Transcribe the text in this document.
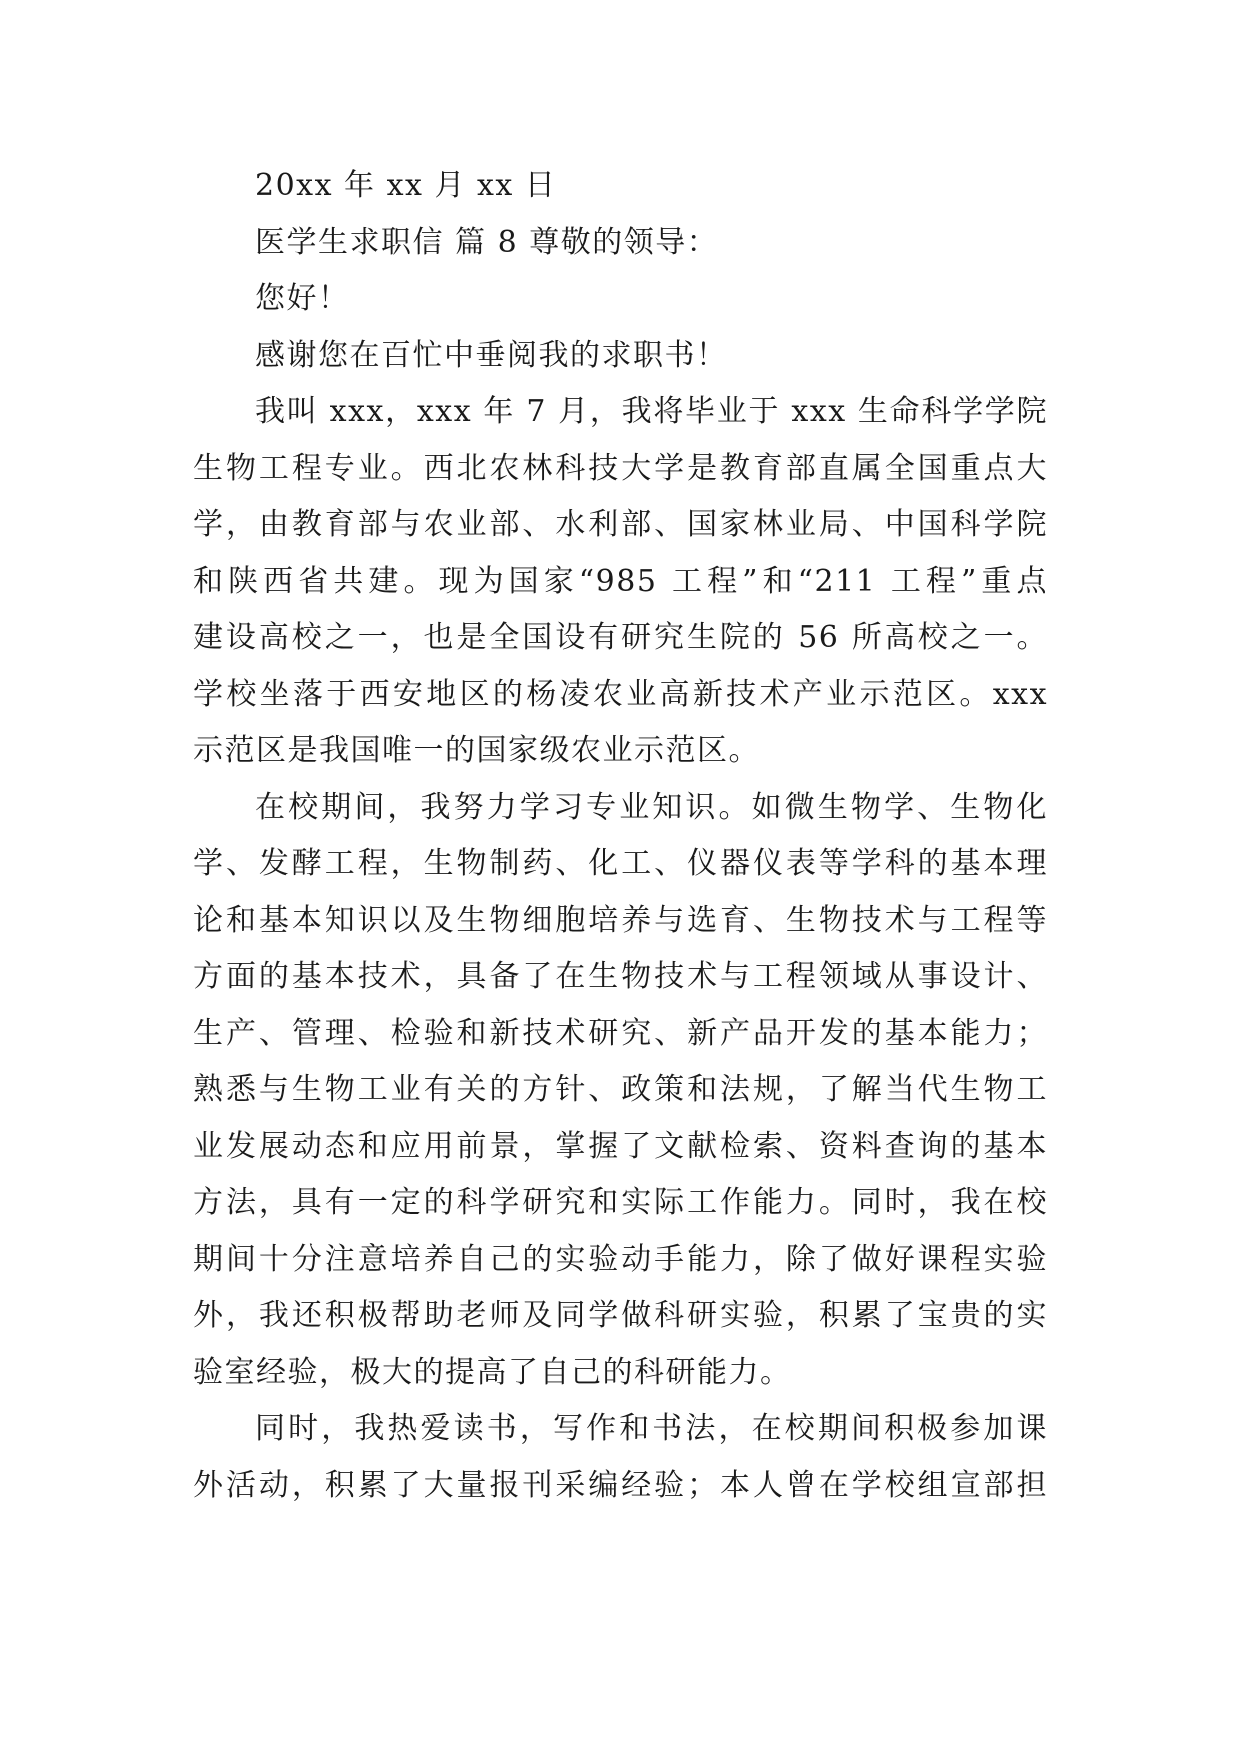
20xx 年 xx 月 xx 日
医学生求职信 篇 8 尊敬的领导：
您好！
感谢您在百忙中垂阅我的求职书！
我叫 xxx，xxx 年 7 月，我将毕业于 xxx 生命科学学院
生物工程专业。西北农林科技大学是教育部直属全国重点大
学，由教育部与农业部、水利部、国家林业局、中国科学院
和陕西省共建。现为国家“985 工程”和“211 工程”重点
建设高校之一，也是全国设有研究生院的 56 所高校之一。
学校坐落于西安地区的杨凌农业高新技术产业示范区。xxx
示范区是我国唯一的国家级农业示范区。
在校期间，我努力学习专业知识。如微生物学、生物化
学、发酵工程，生物制药、化工、仪器仪表等学科的基本理
论和基本知识以及生物细胞培养与选育、生物技术与工程等
方面的基本技术，具备了在生物技术与工程领域从事设计、
生产、管理、检验和新技术研究、新产品开发的基本能力；
熟悉与生物工业有关的方针、政策和法规，了解当代生物工
业发展动态和应用前景，掌握了文献检索、资料查询的基本
方法，具有一定的科学研究和实际工作能力。同时，我在校
期间十分注意培养自己的实验动手能力，除了做好课程实验
外，我还积极帮助老师及同学做科研实验，积累了宝贵的实
验室经验，极大的提高了自己的科研能力。
同时，我热爱读书，写作和书法，在校期间积极参加课
外活动，积累了大量报刊采编经验；本人曾在学校组宣部担
